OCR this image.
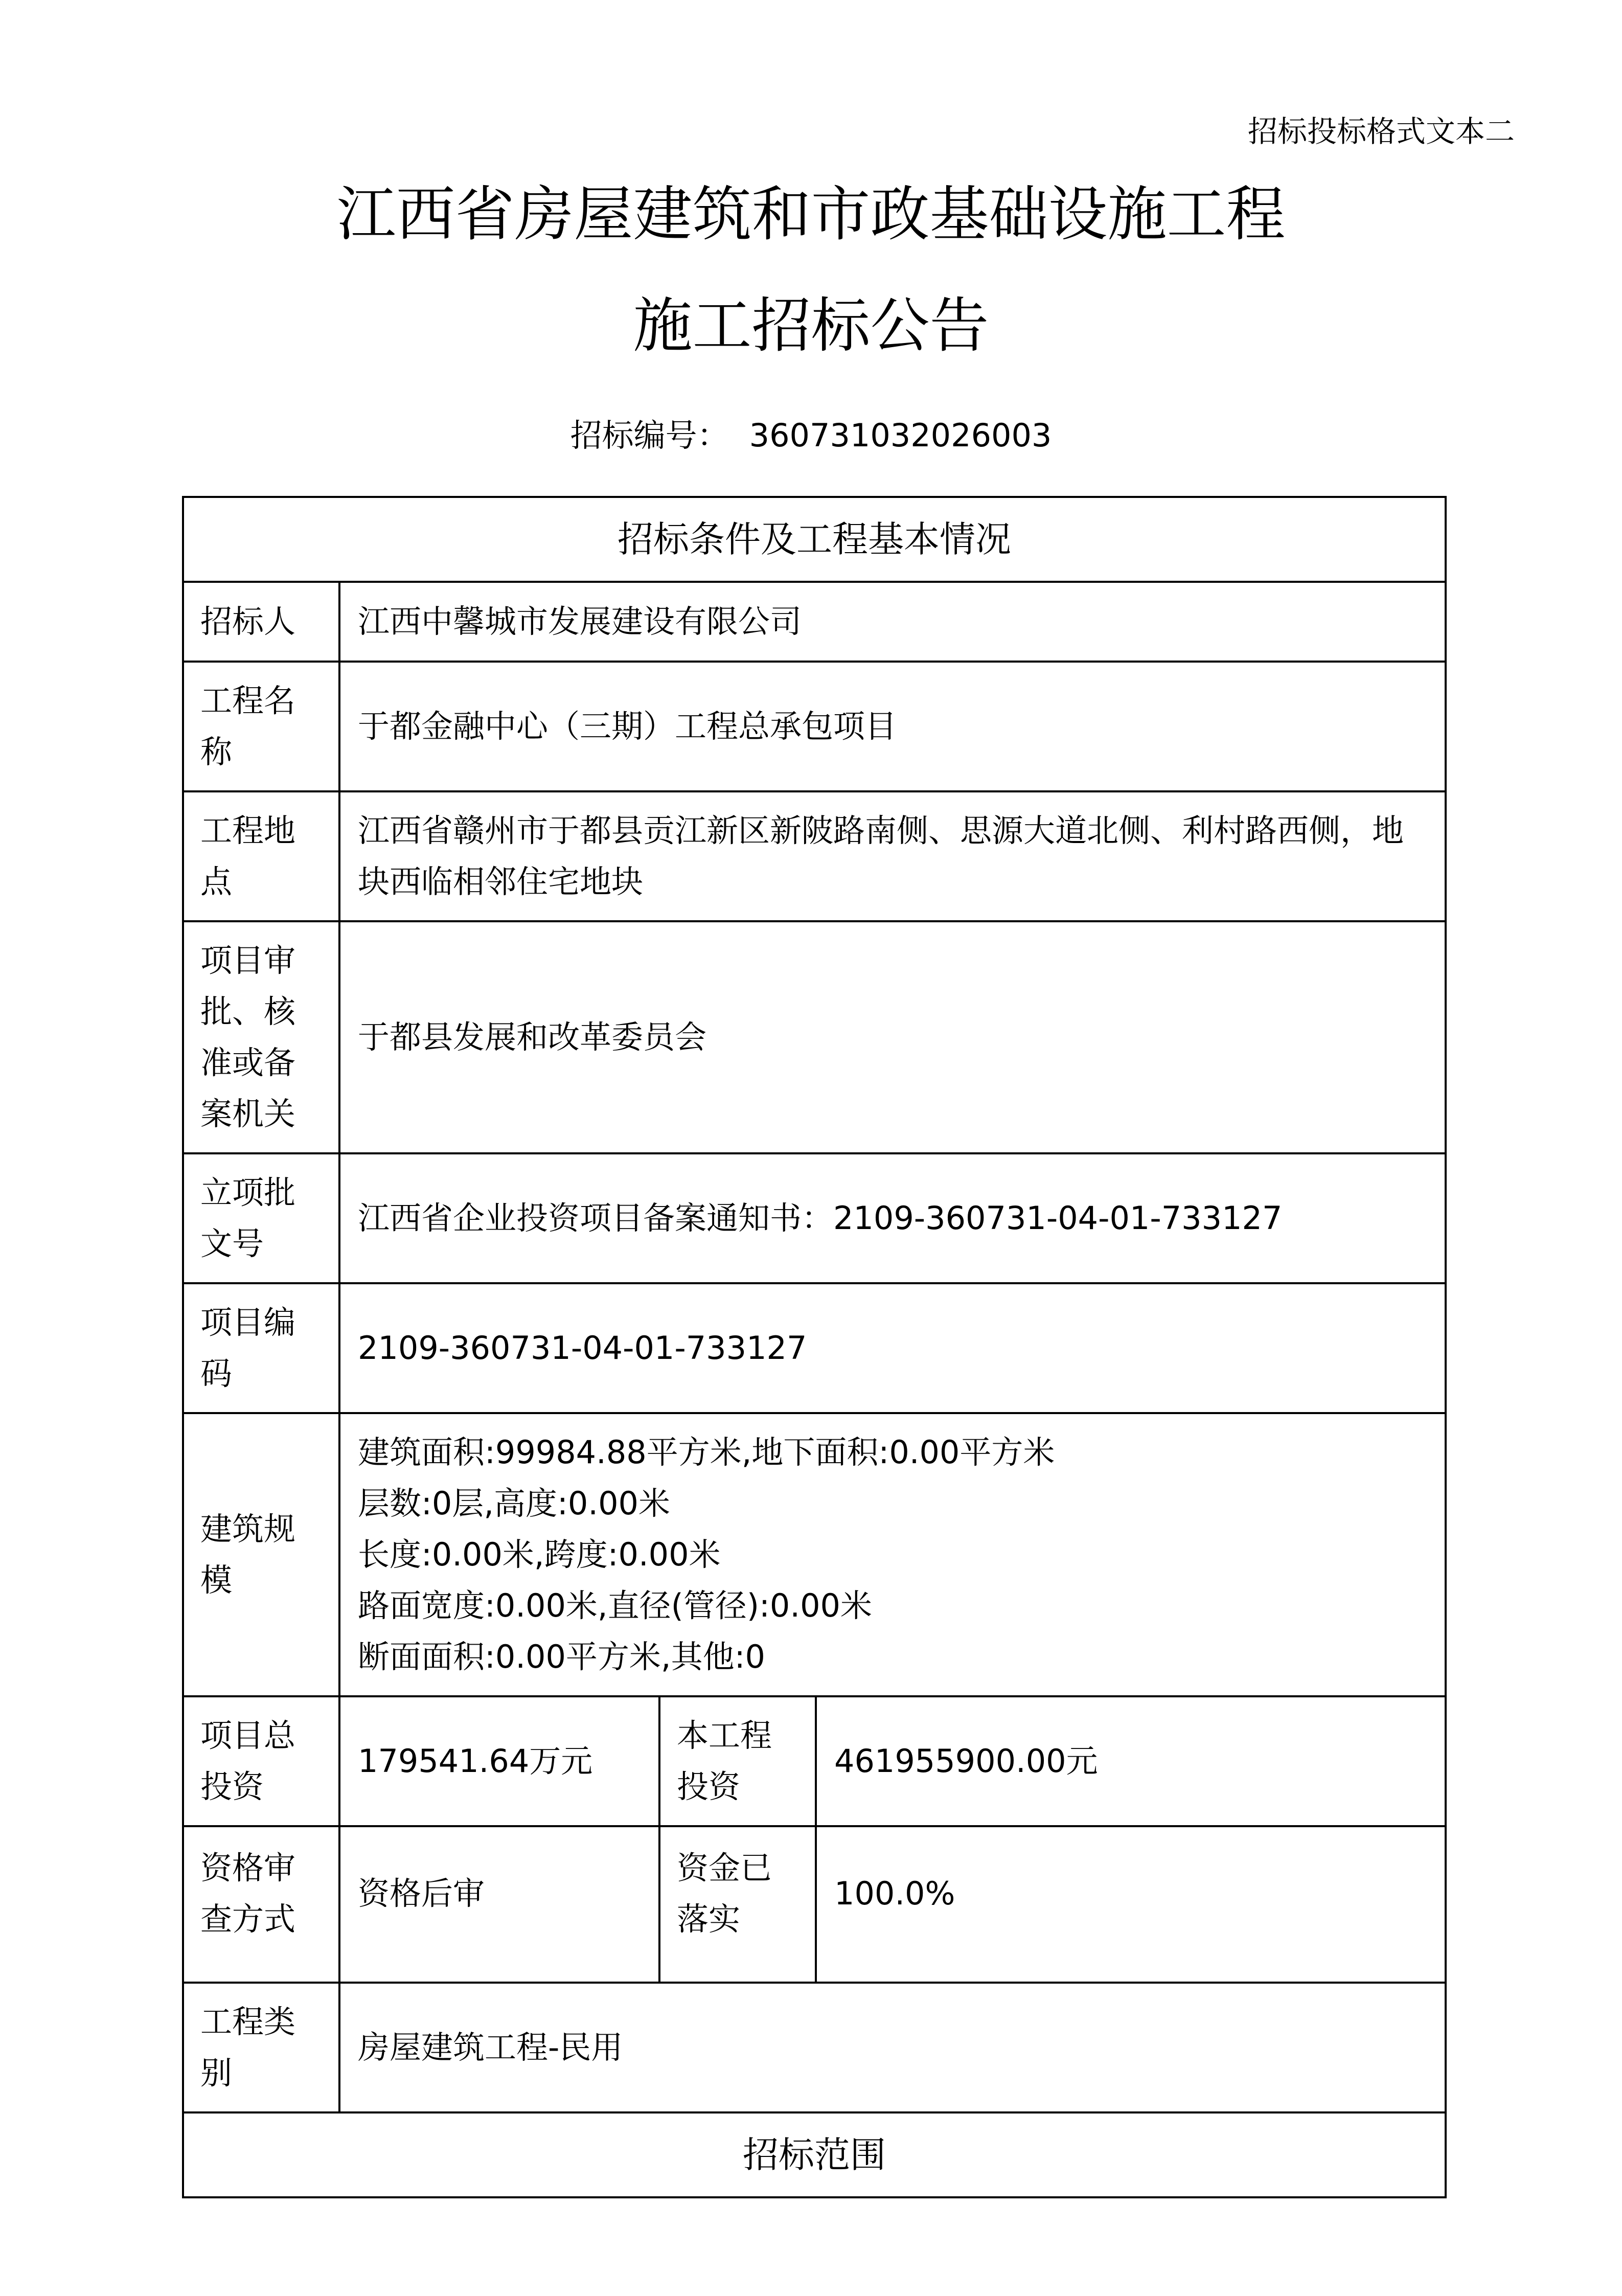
招标投标格式文本二
江西省房屋建筑和市政基础设施工程
施工招标公告
招标编号： 360731032026003
招标条件及工程基本情况			
招标人	江西中馨城市发展建设有限公司		
工程名称	于都金融中心（三期）工程总承包项目		
工程地点	江西省赣州市于都县贡江新区新陂路南侧、思源大道北侧、利村路西侧，地块西临相邻住宅地块		
项目审批、核准或备案机关	于都县发展和改革委员会		
立项批文号	江西省企业投资项目备案通知书：2109-360731-04-01-733127		
项目编码	2109-360731-04-01-733127		
建筑规模	建筑面积:99984.88平方米,地下面积:0.00平方米
层数:0层,高度:0.00米
长度:0.00米,跨度:0.00米
路面宽度:0.00米,直径(管径):0.00米
断面面积:0.00平方米,其他:0		

项目总投资	179541.64万元	本工程投资	461955900.00元
资格审查方式	资格后审	资金已落实	100.0%
工程类别	房屋建筑工程-民用		
招标范围			
